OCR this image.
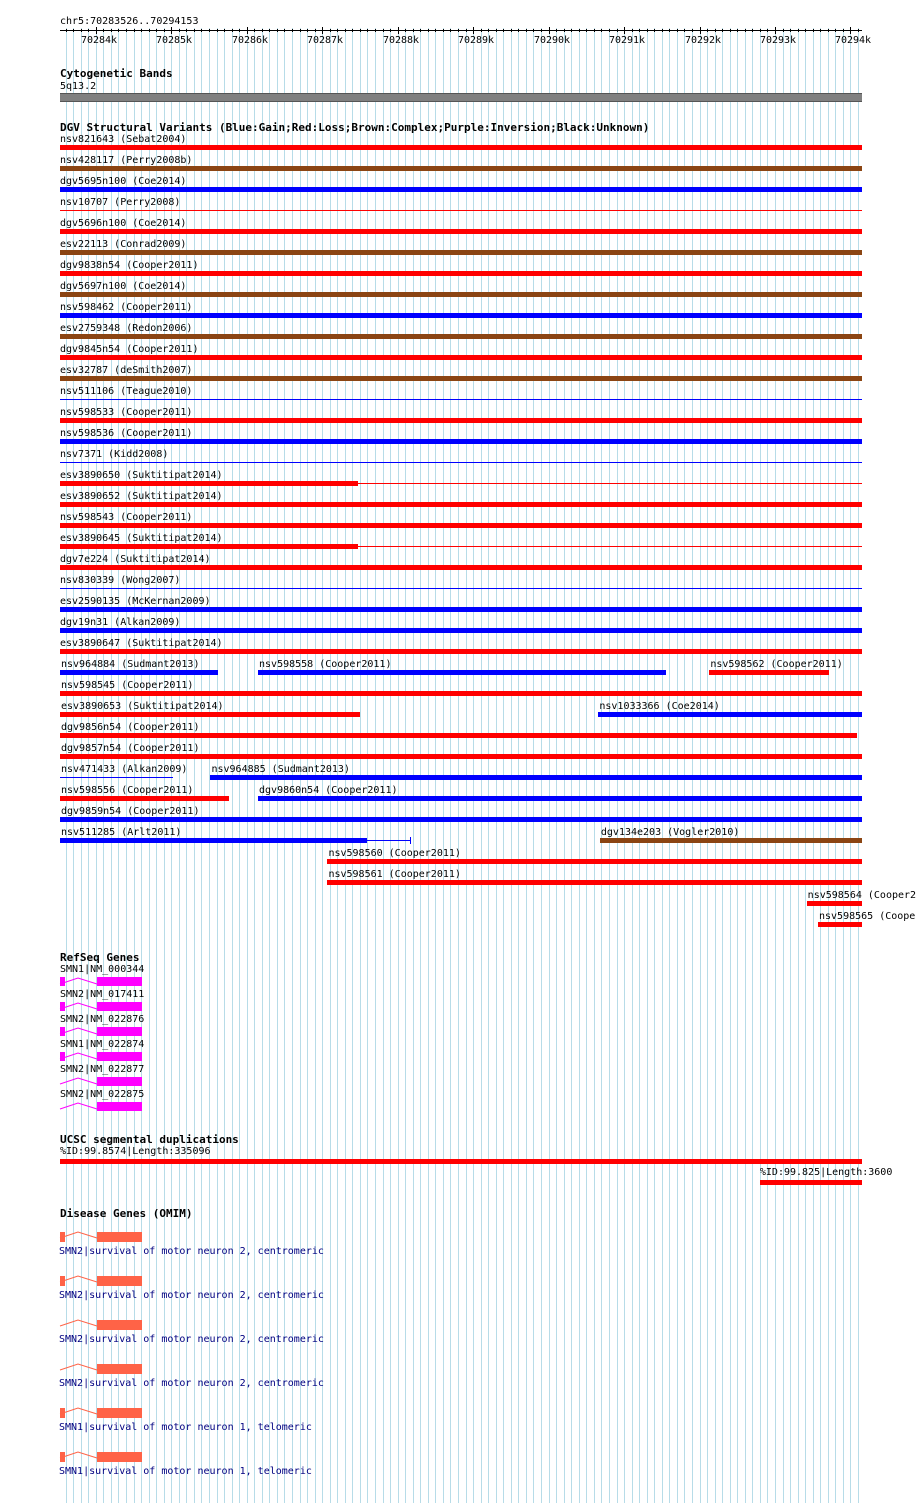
chr5:70283526..70294153
70284k	70285k	70286k	70287k	70288k	70289k	70290k	70291k	70292k	70293k	70294k
Cytogenetic Bands
5q13.2
DGV Structural Variants (Blue:Gain;Red:Loss;Brown:Complex;Purple:Inversion;Black:Unknown)
nsv821643 (Sebat2004)
nsv428117 (Perry2008b)
dgv5695n100 (Coe2014)
nsv10707 (Perry2008)
dgv5696n100 (Coe2014)
esv22113 (Conrad2009)
dgv9838n54 (Cooper2011)
dgv5697n100 (Coe2014)
nsv598462 (Cooper2011)
esv2759348 (Redon2006)
dgv9845n54 (Cooper2011)
esv32787 (deSmith2007)
nsv511106 (Teague2010)
nsv598533 (Cooper2011)
nsv598536 (Cooper2011)
nsv7371 (Kidd2008)
esv3890650 (Suktitipat2014)
esv3890652 (Suktitipat2014)
nsv598543 (Cooper2011)
esv3890645 (Suktitipat2014)
dgv7e224 (Suktitipat2014)
nsv830339 (Wong2007)
esv2590135 (McKernan2009)
dgv19n31 (Alkan2009)
esv3890647 (Suktitipat2014)
nsv964884 (Sudmant2013)	nsv598558 (Cooper2011)	nsv598562 (Cooper2011)
nsv598545 (Cooper2011)
esv3890653 (Suktitipat2014)	nsv1033366 (Coe2014)
dgv9856n54 (Cooper2011)
dgv9857n54 (Cooper2011)
nsv471433 (Alkan2009) nsv964885 (Sudmant2013)
nsv598556 (Cooper2011)	dgv9860n54 (Cooper2011)
dgv9859n54 (Cooper2011)
nsv511285 (Arlt2011)	dgv134e203 (Vogler2010)
nsv598560 (Cooper2011)
nsv598561 (Cooper2011)
nsv598564 (Cooper2
nsv598565 (Coope
RefSeq Genes
SMN1|NM_000344
SMN2|NM_017411
SMN2|NM_022876
SMN1|NM_022874
SMN2|NM_022877
SMN2|NM_022875
UCSC segmental duplications
%ID:99.8574|Length:335096
%ID:99.825|Length:3600
Disease Genes (OMIM)
SMN2|survival of motor neuron 2, centromeric
SMN2|survival of motor neuron 2, centromeric
SMN2|survival of motor neuron 2, centromeric
SMN2|survival of motor neuron 2, centromeric
SMN1|survival of motor neuron 1, telomeric
SMN1|survival of motor neuron 1, telomeric
